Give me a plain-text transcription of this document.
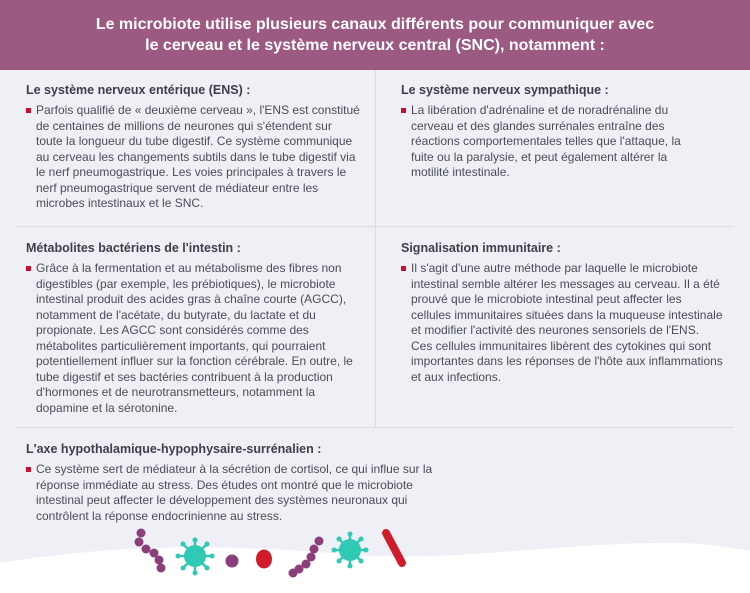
Le microbiote utilise plusieurs canaux différents pour communiquer avec le cerveau et le système nerveux central (SNC), notamment :
Le système nerveux entérique (ENS) :
Parfois qualifié de « deuxième cerveau », l'ENS est constitué de centaines de millions de neurones qui s'étendent sur toute la longueur du tube digestif. Ce système communique au cerveau les changements subtils dans le tube digestif via le nerf pneumogastrique. Les voies principales à travers le nerf pneumogastrique servent de médiateur entre les microbes intestinaux et le SNC.
Le système nerveux sympathique :
La libération d'adrénaline et de noradrénaline du cerveau et des glandes surrénales entraîne des réactions comportementales telles que l'attaque, la fuite ou la paralysie, et peut également altérer la motilité intestinale.
Métabolites bactériens de l'intestin :
Grâce à la fermentation et au métabolisme des fibres non digestibles (par exemple, les prébiotiques), le microbiote intestinal produit des acides gras à chaîne courte (AGCC), notamment de l'acétate, du butyrate, du lactate et du propionate. Les AGCC sont considérés comme des métabolites particulièrement importants, qui pourraient potentiellement influer sur la fonction cérébrale. En outre, le tube digestif et ses bactéries contribuent à la production d'hormones et de neurotransmetteurs, notamment la dopamine et la sérotonine.
Signalisation immunitaire :
Il s'agit d'une autre méthode par laquelle le microbiote intestinal semble altérer les messages au cerveau. Il a été prouvé que le microbiote intestinal peut affecter les cellules immunitaires situées dans la muqueuse intestinale et modifier l'activité des neurones sensoriels de l'ENS. Ces cellules immunitaires libèrent des cytokines qui sont importantes dans les réponses de l'hôte aux inflammations et aux infections.
L'axe hypothalamique-hypophysaire-surrénalien :
Ce système sert de médiateur à la sécrétion de cortisol, ce qui influe sur la réponse immédiate au stress. Des études ont montré que le microbiote intestinal peut affecter le développement des systèmes neuronaux qui contrôlent la réponse endocrinienne au stress.
